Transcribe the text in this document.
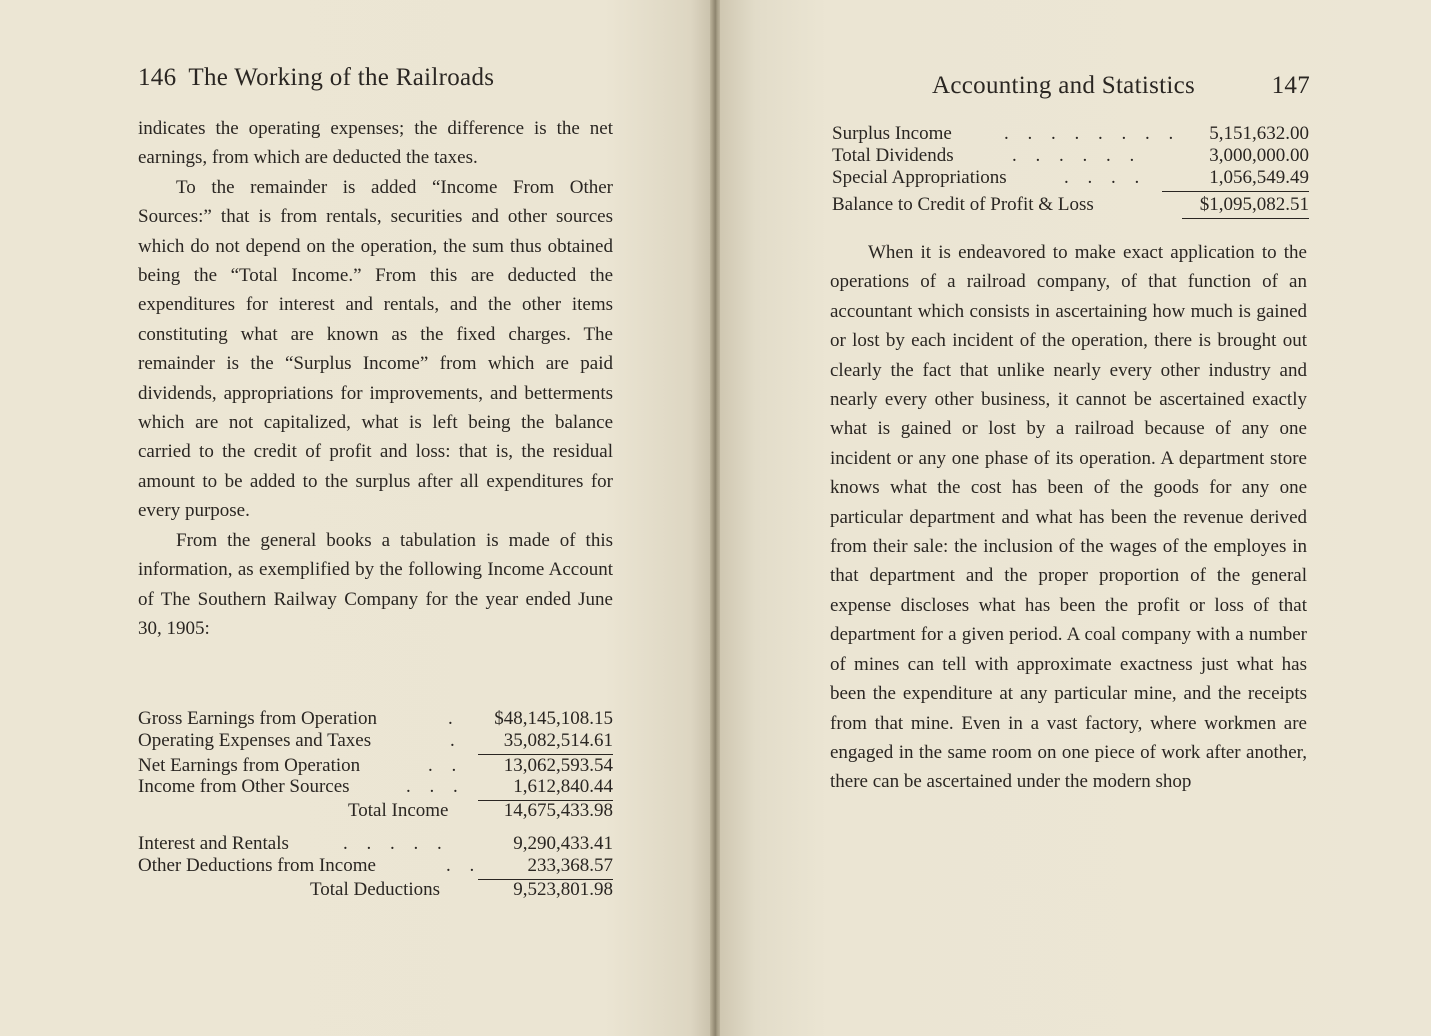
146 The Working of the Railroads

indicates the operating expenses; the difference is the net earnings, from which are deducted the taxes.

To the remainder is added “Income From Other Sources:” that is from rentals, securities and other sources which do not depend on the operation, the sum thus obtained being the “Total Income.” From this are deducted the expenditures for interest and rentals, and the other items constituting what are known as the fixed charges. The remainder is the “Surplus Income” from which are paid dividends, appropriations for improvements, and betterments which are not capitalized, what is left being the balance carried to the credit of profit and loss: that is, the residual amount to be added to the surplus after all expenditures for every purpose.

From the general books a tabulation is made of this information, as exemplified by the following Income Account of The Southern Railway Company for the year ended June 30, 1905:

Gross Earnings from Operation	. $48,145,108.15
Operating Expenses and Taxes	. 35,082,514.61
Net Earnings from Operation	. . 13,062,593.54
Income from Other Sources	. . .	1,612,840.44
Total Income	14,675,433.98
Interest and Rentals	. . . . .	9,290,433.41
Other Deductions from Income	. . 233,368.57
Total Deductions	9,523,801.98
Accounting and Statistics	147
Surplus Income	. . . . . . . . 5,151,632.00
Total Dividends	. . . . . .	3,000,000.00
Special Appropriations	. . . .	1,056,549.49
Balance to Credit of Profit & Loss	$1,095,082.51

When it is endeavored to make exact application to the operations of a railroad company, of that function of an accountant which consists in ascertaining how much is gained or lost by each incident of the operation, there is brought out clearly the fact that unlike nearly every other industry and nearly every other business, it cannot be ascertained exactly what is gained or lost by a railroad because of any one incident or any one phase of its operation. A department store knows what the cost has been of the goods for any one particular department and what has been the revenue derived from their sale: the inclusion of the wages of the employes in that department and the proper proportion of the general expense discloses what has been the profit or loss of that department for a given period. A coal company with a number of mines can tell with approximate exactness just what has been the expenditure at any particular mine, and the receipts from that mine. Even in a vast factory, where workmen are engaged in the same room on one piece of work after another, there can be ascertained under the modern shop
